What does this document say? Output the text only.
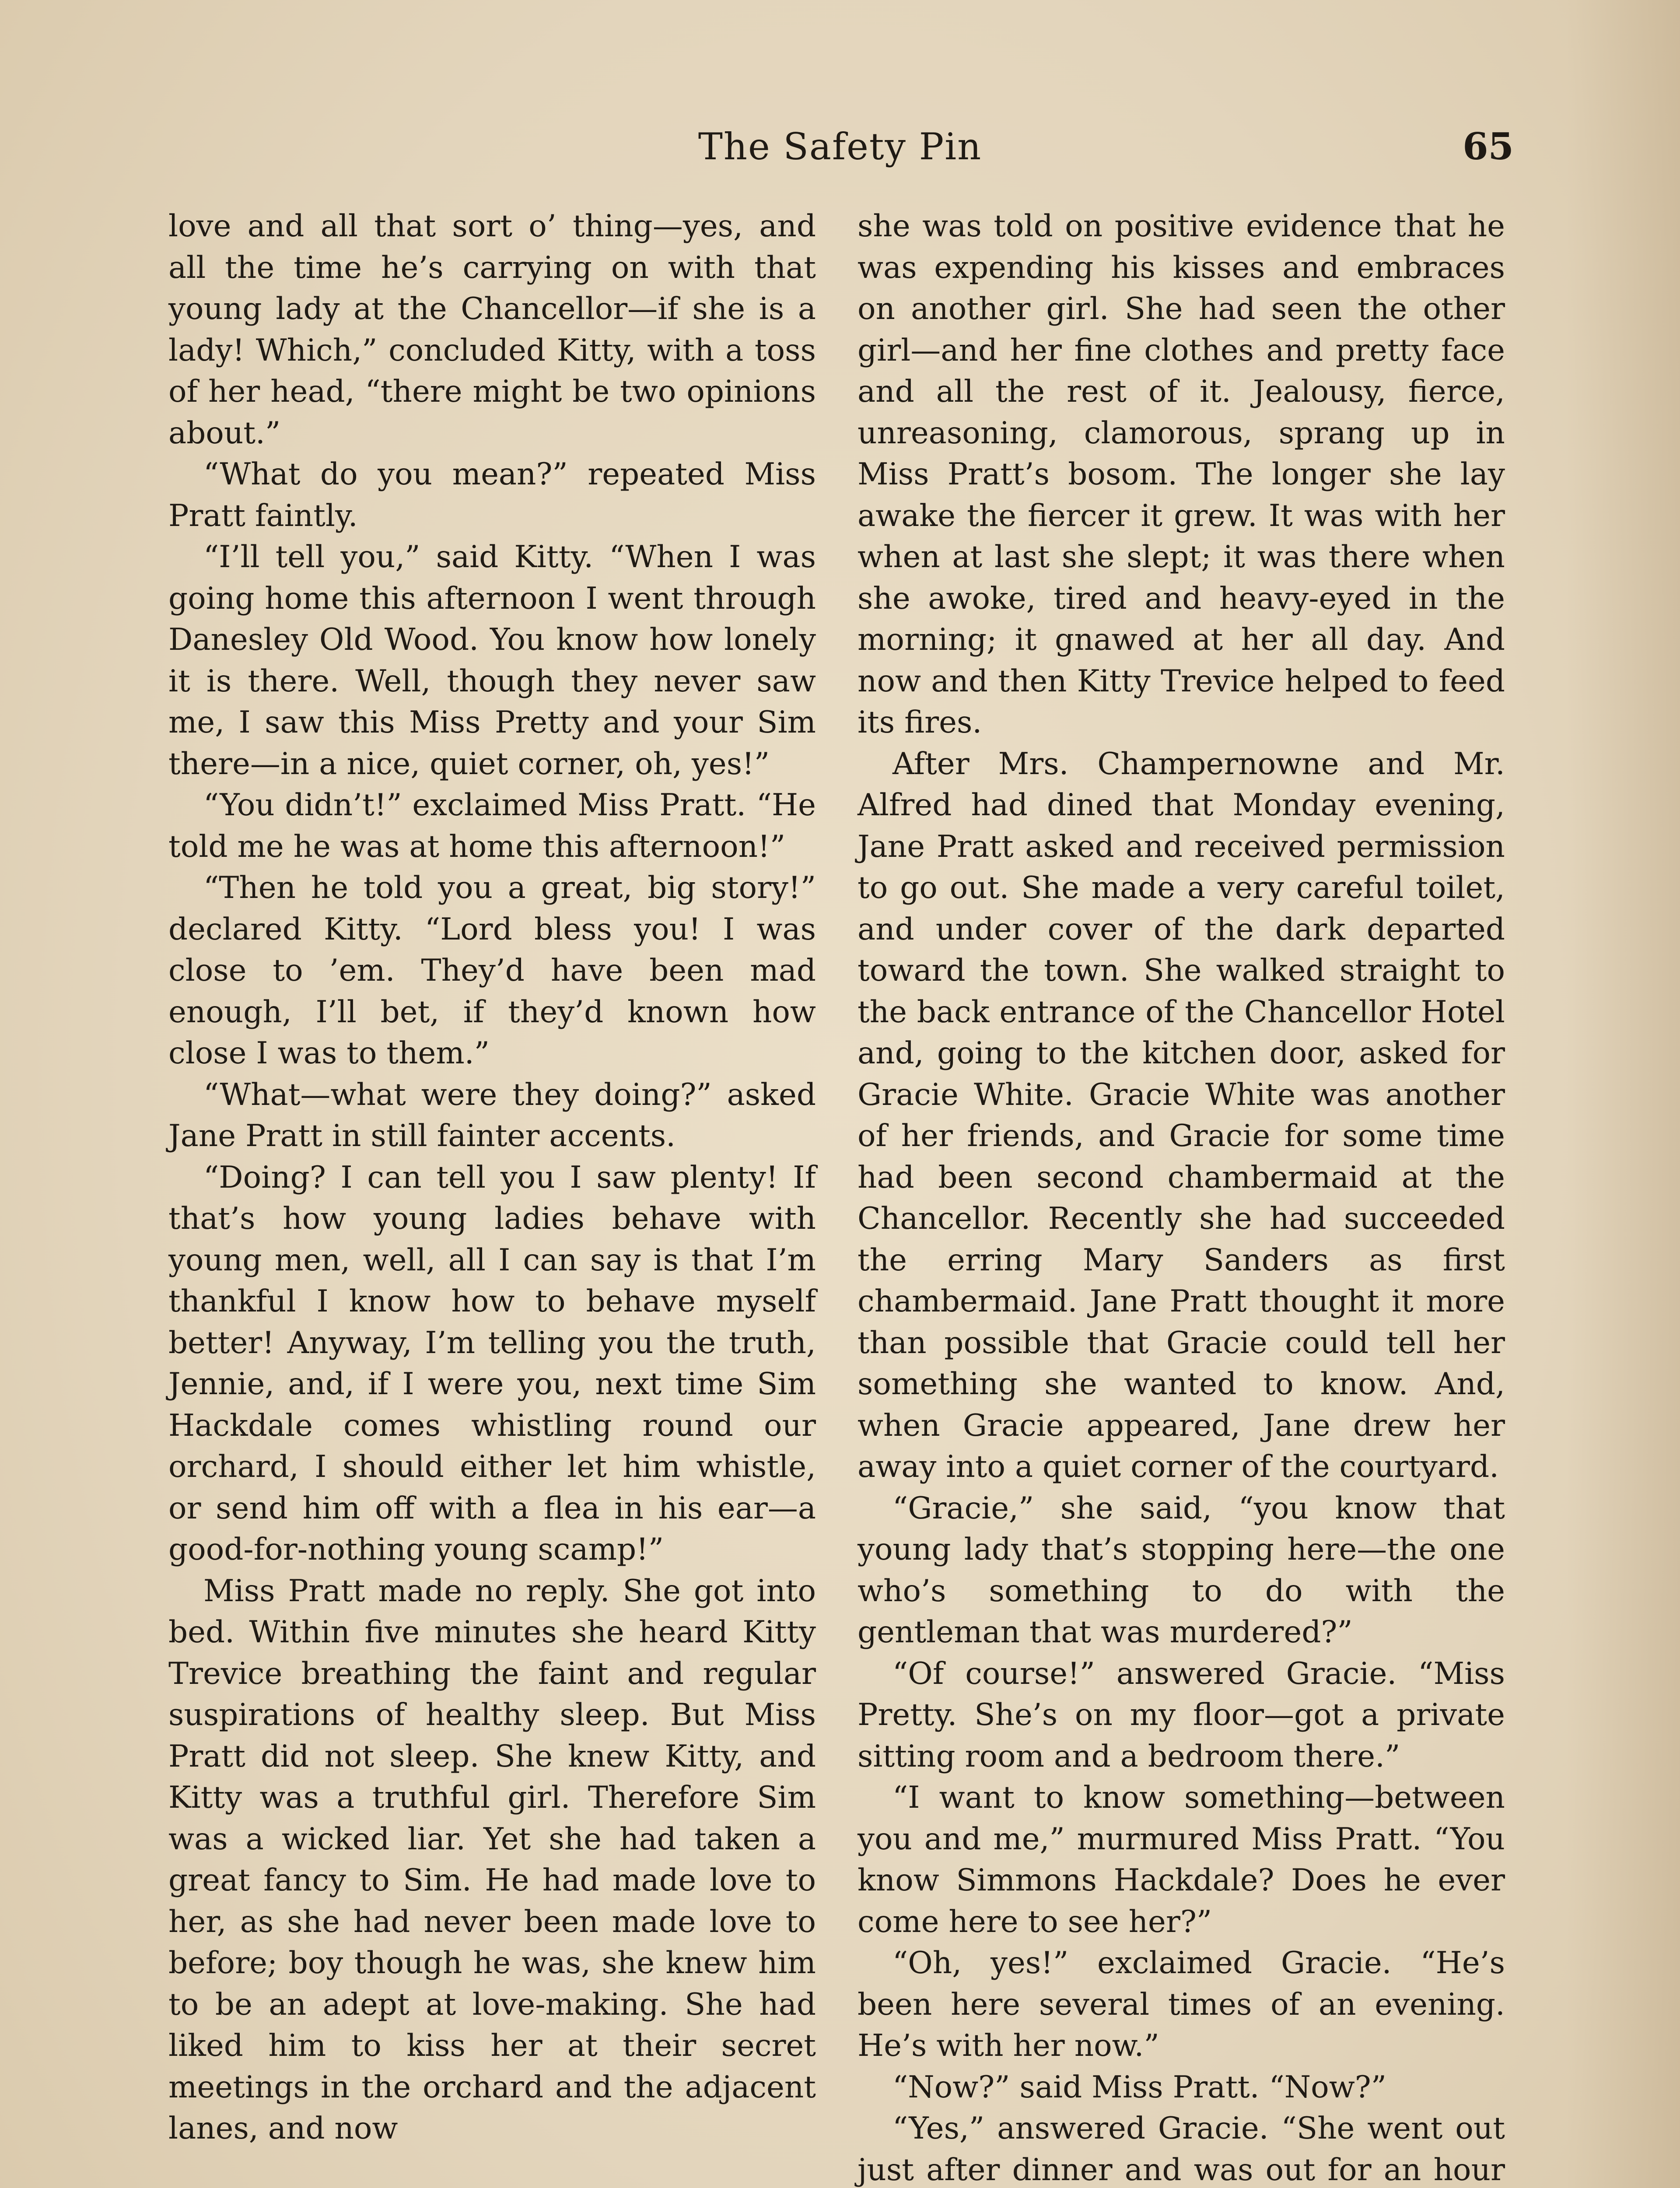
The Safety Pin	65

love and all that sort o’ thing—yes, and all the time he’s carrying on with that young lady at the Chancellor—if she is a lady! Which,” concluded Kitty, with a toss of her head, “there might be two opinions about.”

“What do you mean?” repeated Miss Pratt faintly.

“I’ll tell you,” said Kitty. “When I was going home this afternoon I went through Danesley Old Wood. You know how lonely it is there. Well, though they never saw me, I saw this Miss Pretty and your Sim there—in a nice, quiet corner, oh, yes!”

“You didn’t!” exclaimed Miss Pratt. “He told me he was at home this afternoon!”

“Then he told you a great, big story!” declared Kitty. “Lord bless you! I was close to ’em. They’d have been mad enough, I’ll bet, if they’d known how close I was to them.”

“What—what were they doing?” asked Jane Pratt in still fainter accents.

“Doing? I can tell you I saw plenty! If that’s how young ladies behave with young men, well, all I can say is that I’m thankful I know how to behave myself better! Anyway, I’m telling you the truth, Jennie, and, if I were you, next time Sim Hackdale comes whistling round our orchard, I should either let him whistle, or send him off with a flea in his ear—a good-for-nothing young scamp!”

Miss Pratt made no reply. She got into bed. Within five minutes she heard Kitty Trevice breathing the faint and regular suspirations of healthy sleep. But Miss Pratt did not sleep. She knew Kitty, and Kitty was a truthful girl. Therefore Sim was a wicked liar. Yet she had taken a great fancy to Sim. He had made love to her, as she had never been made love to before; boy though he was, she knew him to be an adept at love-making. She had liked him to kiss her at their secret meetings in the orchard and the adjacent lanes, and now

she was told on positive evidence that he was expending his kisses and embraces on another girl. She had seen the other girl—and her fine clothes and pretty face and all the rest of it. Jealousy, fierce, unreasoning, clamorous, sprang up in Miss Pratt’s bosom. The longer she lay awake the fiercer it grew. It was with her when at last she slept; it was there when she awoke, tired and heavy-eyed in the morning; it gnawed at her all day. And now and then Kitty Trevice helped to feed its fires.

After Mrs. Champernowne and Mr. Alfred had dined that Monday evening, Jane Pratt asked and received permission to go out. She made a very careful toilet, and under cover of the dark departed toward the town. She walked straight to the back entrance of the Chancellor Hotel and, going to the kitchen door, asked for Gracie White. Gracie White was another of her friends, and Gracie for some time had been second chambermaid at the Chancellor. Recently she had succeeded the erring Mary Sanders as first chambermaid. Jane Pratt thought it more than possible that Gracie could tell her something she wanted to know. And, when Gracie appeared, Jane drew her away into a quiet corner of the courtyard.

“Gracie,” she said, “you know that young lady that’s stopping here—the one who’s something to do with the gentleman that was murdered?”

“Of course!” answered Gracie. “Miss Pretty. She’s on my floor—got a private sitting room and a bedroom there.”

“I want to know something—between you and me,” murmured Miss Pratt. “You know Simmons Hackdale? Does he ever come here to see her?”

“Oh, yes!” exclaimed Gracie. “He’s been here several times of an evening. He’s with her now.”

“Now?” said Miss Pratt. “Now?”

“Yes,” answered Gracie. “She went out just after dinner and was out for an hour
